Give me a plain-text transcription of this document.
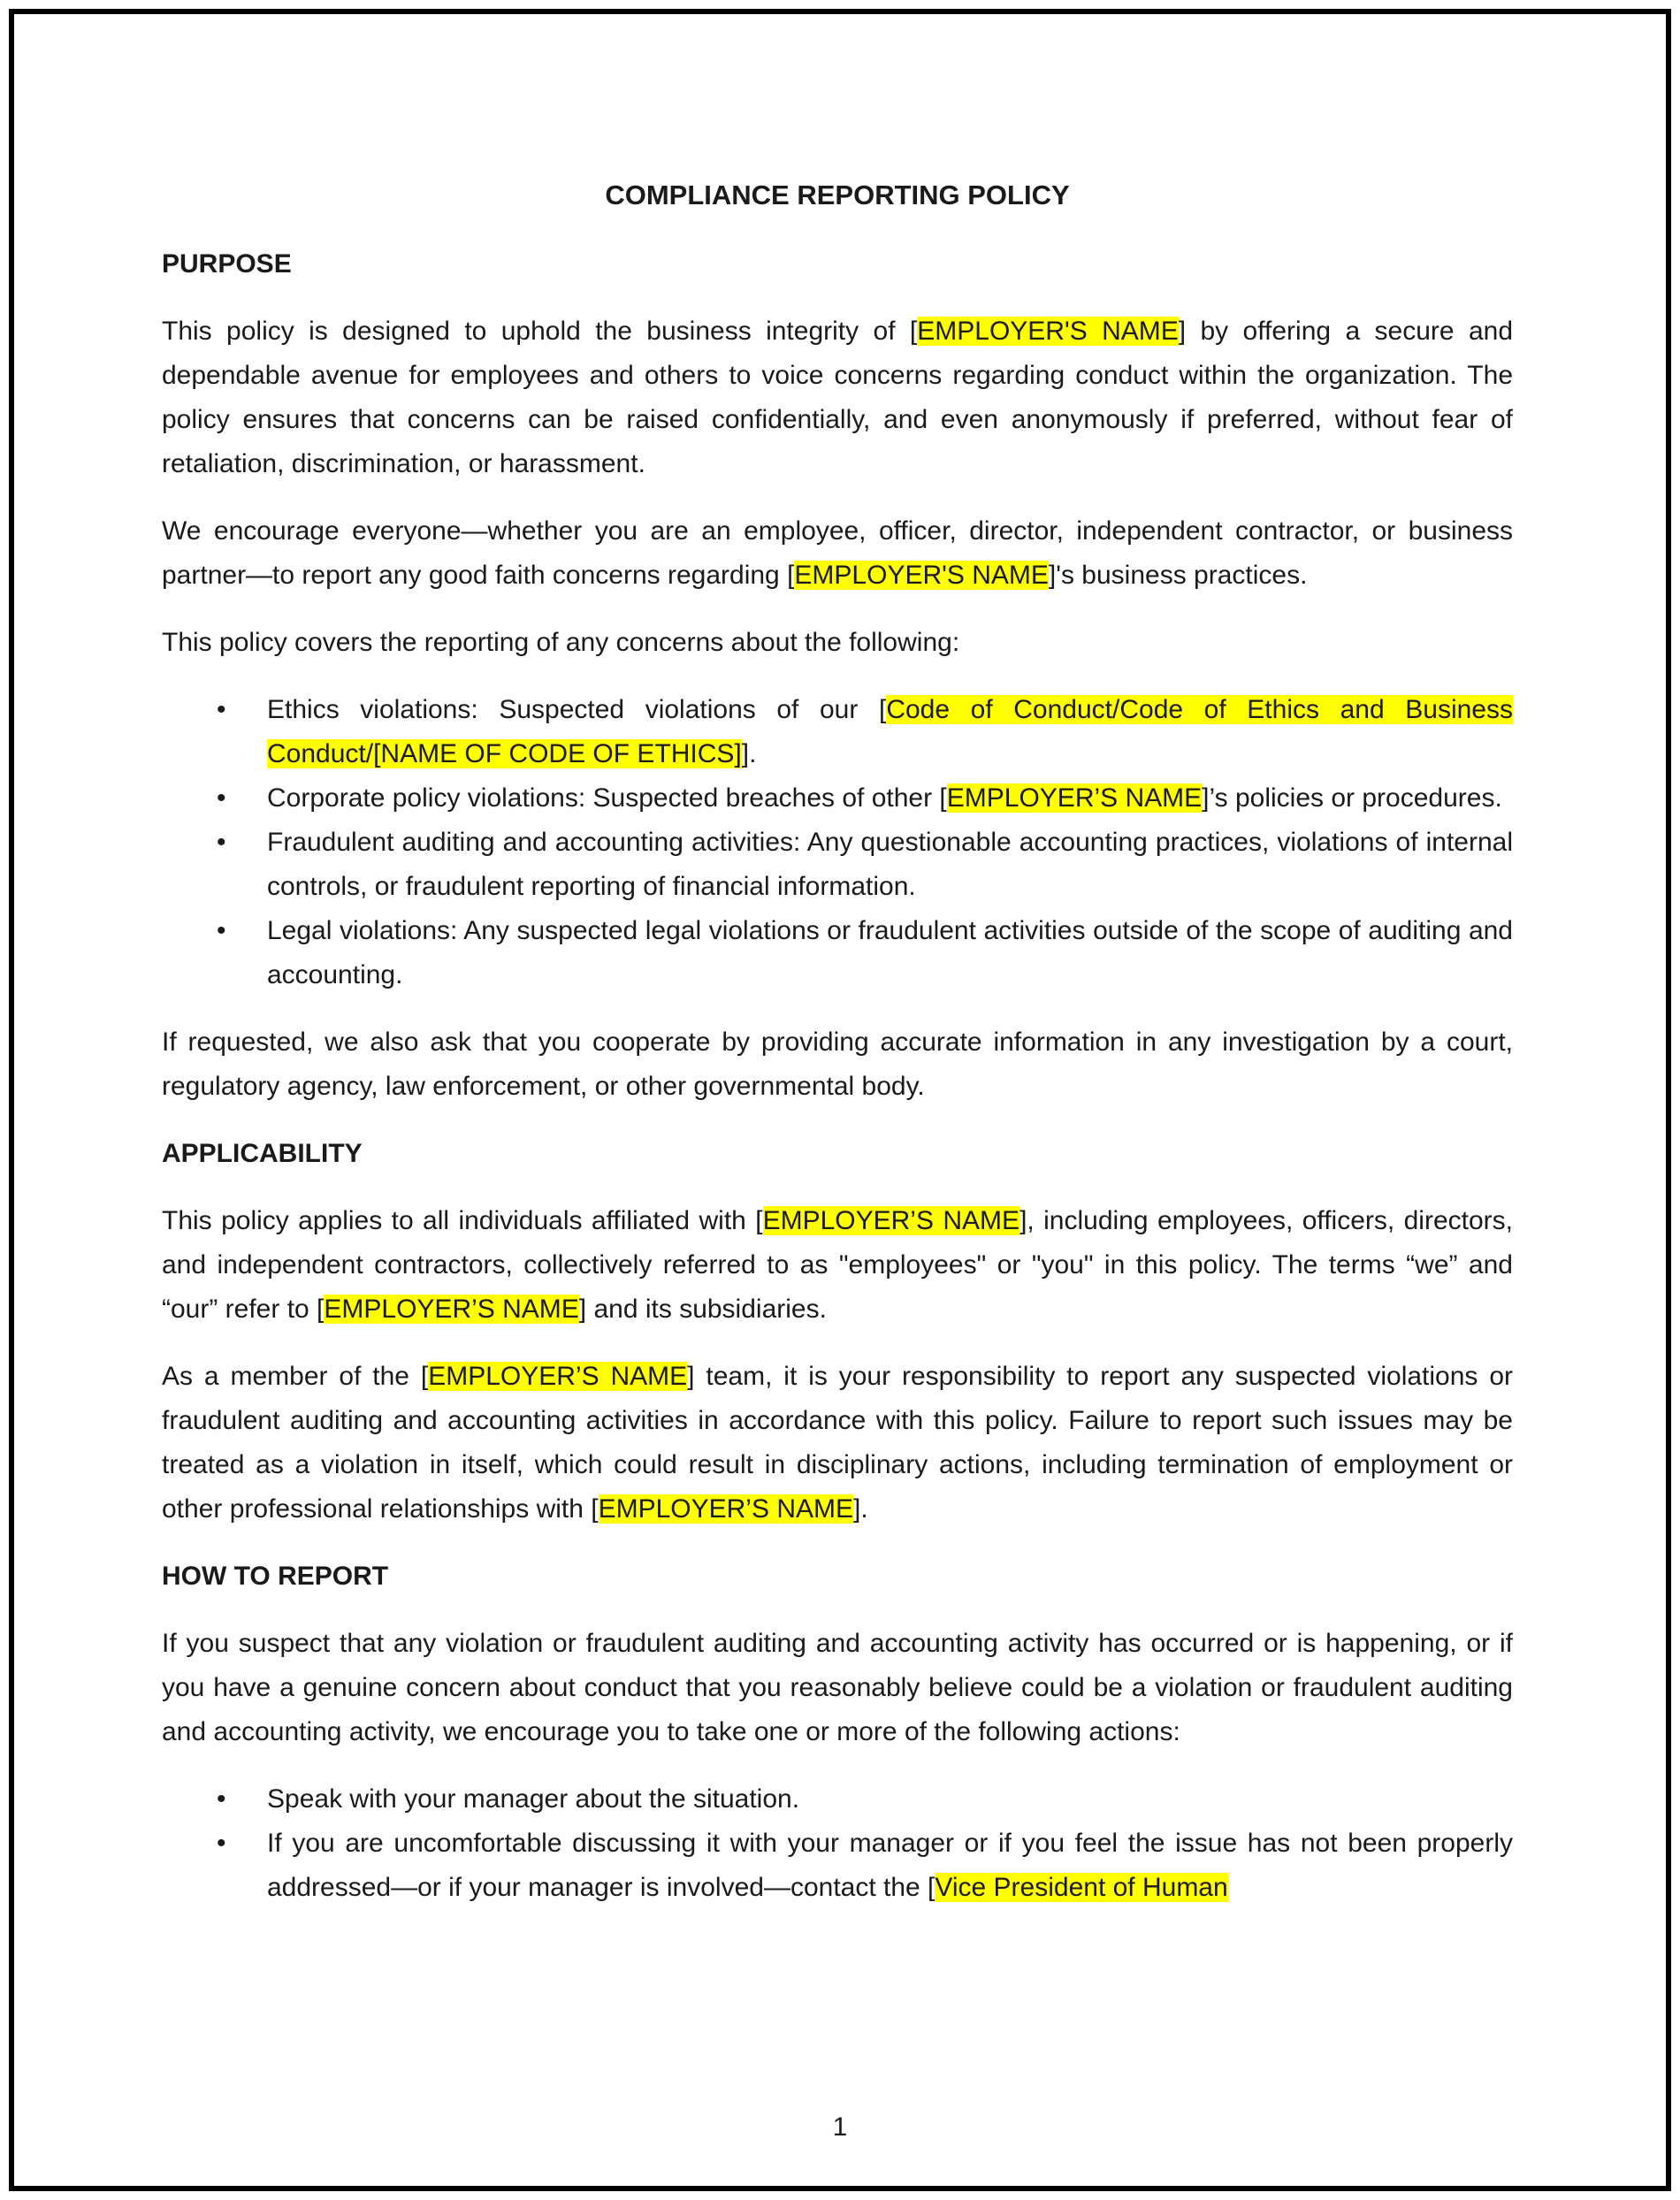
COMPLIANCE REPORTING POLICY
PURPOSE

This policy is designed to uphold the business integrity of [EMPLOYER'S NAME] by offering a secure and dependable avenue for employees and others to voice concerns regarding conduct within the organization. The policy ensures that concerns can be raised confidentially, and even anonymously if preferred, without fear of retaliation, discrimination, or harassment.

We encourage everyone—whether you are an employee, officer, director, independent contractor, or business partner—to report any good faith concerns regarding [EMPLOYER'S NAME]'s business practices.

This policy covers the reporting of any concerns about the following:

• Ethics violations: Suspected violations of our [Code of Conduct/Code of Ethics and Business Conduct/[NAME OF CODE OF ETHICS]].
• Corporate policy violations: Suspected breaches of other [EMPLOYER’S NAME]’s policies or procedures.
• Fraudulent auditing and accounting activities: Any questionable accounting practices, violations of internal controls, or fraudulent reporting of financial information.
• Legal violations: Any suspected legal violations or fraudulent activities outside of the scope of auditing and accounting.

If requested, we also ask that you cooperate by providing accurate information in any investigation by a court, regulatory agency, law enforcement, or other governmental body.

APPLICABILITY

This policy applies to all individuals affiliated with [EMPLOYER’S NAME], including employees, officers, directors, and independent contractors, collectively referred to as "employees" or "you" in this policy. The terms “we” and “our” refer to [EMPLOYER’S NAME] and its subsidiaries.

As a member of the [EMPLOYER’S NAME] team, it is your responsibility to report any suspected violations or fraudulent auditing and accounting activities in accordance with this policy. Failure to report such issues may be treated as a violation in itself, which could result in disciplinary actions, including termination of employment or other professional relationships with [EMPLOYER’S NAME].

HOW TO REPORT

If you suspect that any violation or fraudulent auditing and accounting activity has occurred or is happening, or if you have a genuine concern about conduct that you reasonably believe could be a violation or fraudulent auditing and accounting activity, we encourage you to take one or more of the following actions:

• Speak with your manager about the situation.
• If you are uncomfortable discussing it with your manager or if you feel the issue has not been properly addressed—or if your manager is involved—contact the [Vice President of Human
1
